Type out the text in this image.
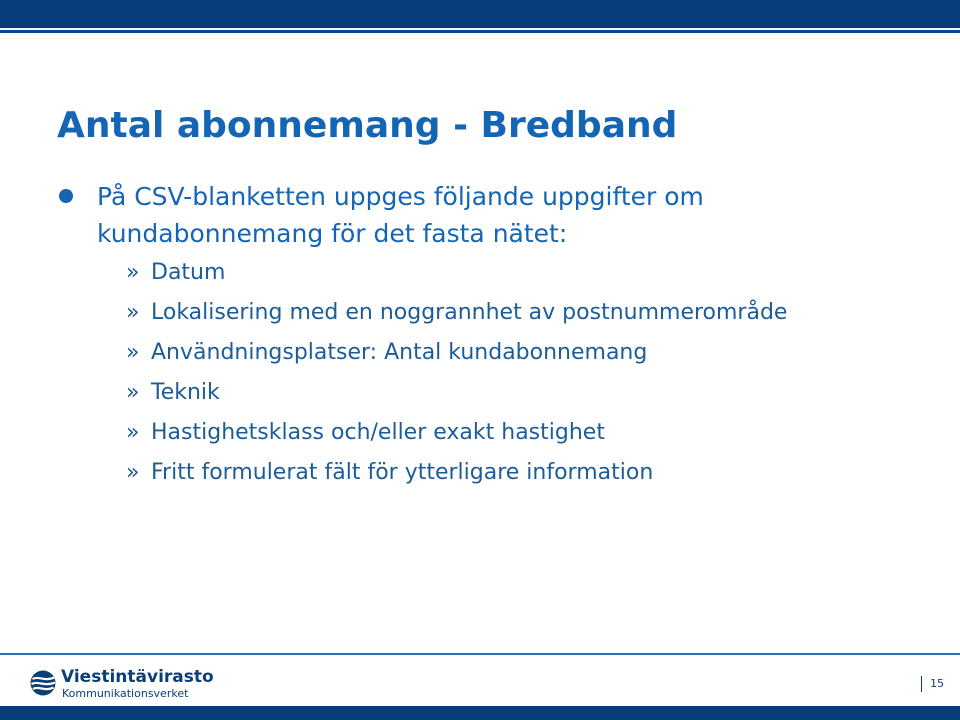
Antal abonnemang - Bredband
På CSV-blanketten uppges följande uppgifter om kundabonnemang för det fasta nätet:
» Datum
» Lokalisering med en noggrannhet av postnummerområde
» Användningsplatser: Antal kundabonnemang
» Teknik
» Hastighetsklass och/eller exakt hastighet
» Fritt formulerat fält för ytterligare information
Viestintävirasto
Kommunikationsverket
15
